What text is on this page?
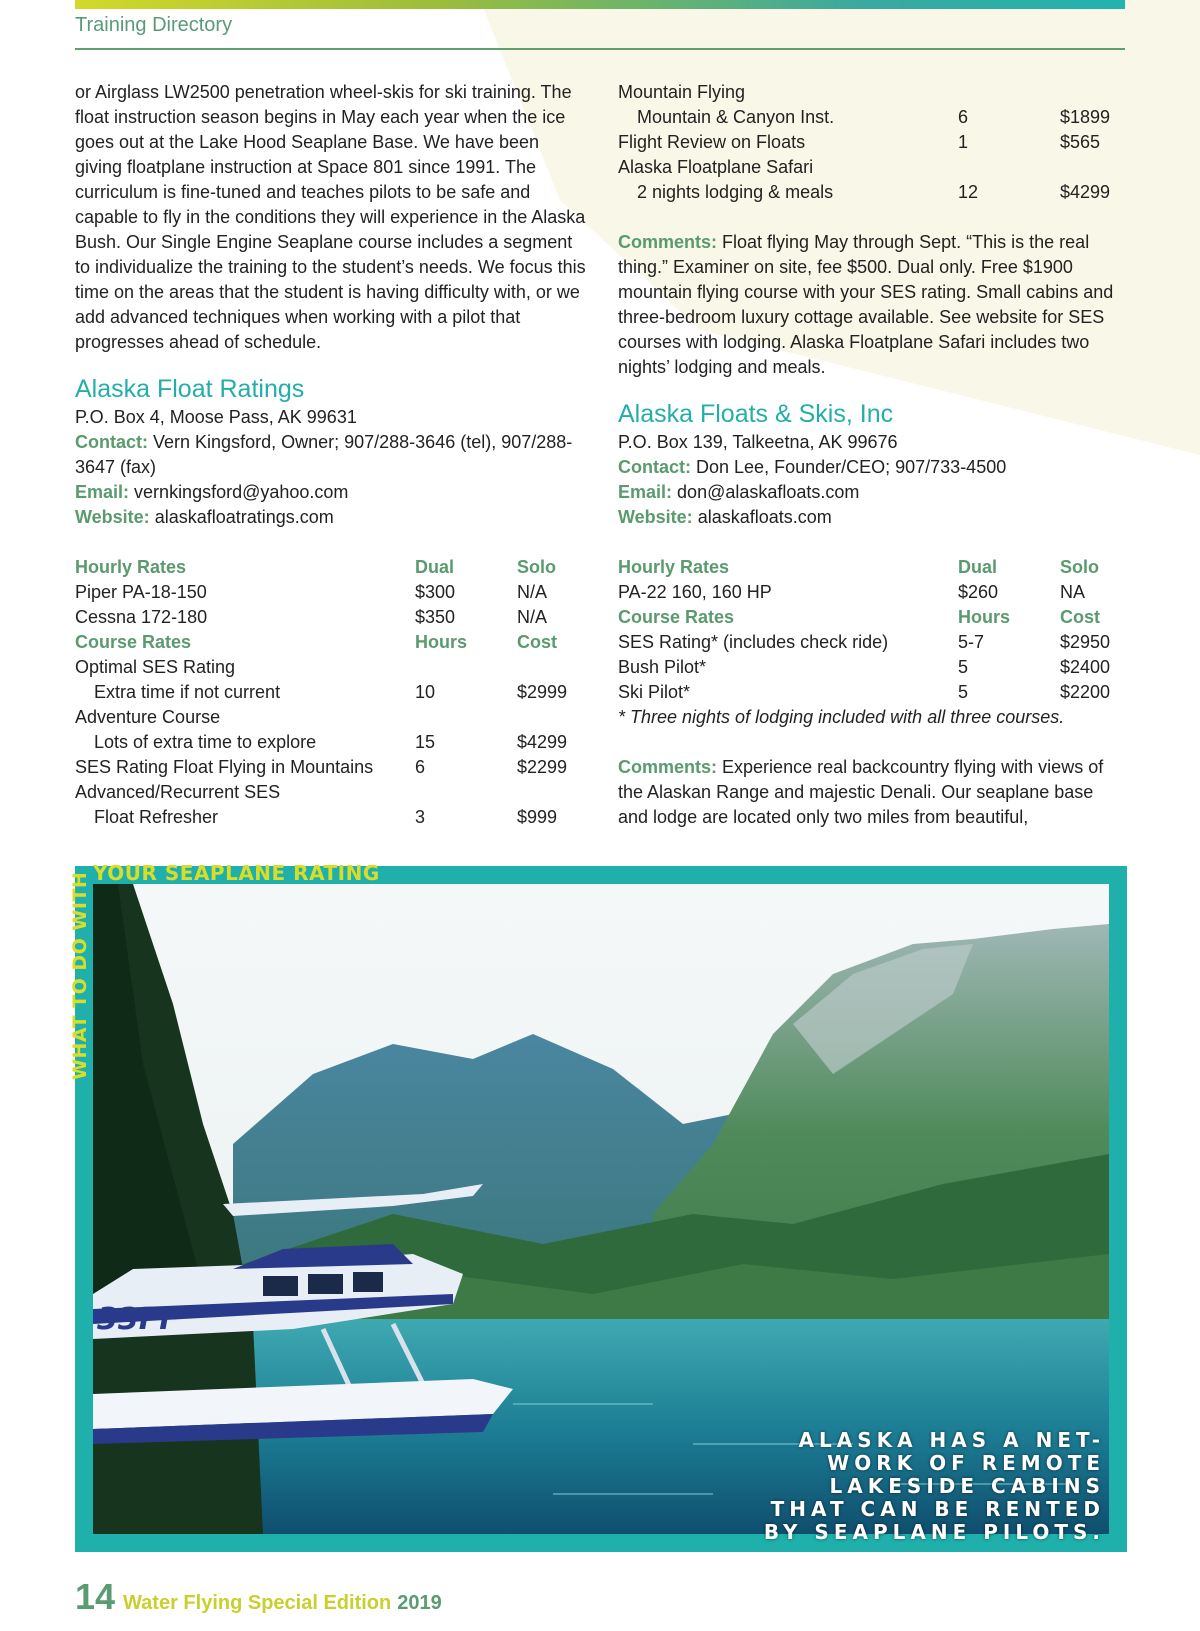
Training Directory

or Airglass LW2500 penetration wheel-skis for ski training. The float instruction season begins in May each year when the ice goes out at the Lake Hood Seaplane Base. We have been giving floatplane instruction at Space 801 since 1991. The curriculum is fine-tuned and teaches pilots to be safe and capable to fly in the conditions they will experience in the Alaska Bush. Our Single Engine Seaplane course includes a segment to individualize the training to the student’s needs. We focus this time on the areas that the student is having difficulty with, or we add advanced techniques when working with a pilot that progresses ahead of schedule.

Alaska Float Ratings
P.O. Box 4, Moose Pass, AK 99631
Contact: Vern Kingsford, Owner; 907/288-3646 (tel), 907/288-3647 (fax)
Email: vernkingsford@yahoo.com
Website: alaskafloatratings.com
Hourly Rates	Dual	Solo
Piper PA-18-150	$300	N/A
Cessna 172-180	$350	N/A
Course Rates	Hours	Cost
Optimal SES Rating
Extra time if not current	10	$2999
Adventure Course
Lots of extra time to explore	15	$4299
SES Rating Float Flying in Mountains	6	$2299
Advanced/Recurrent SES
Float Refresher	3	$999
Mountain Flying
Mountain & Canyon Inst.	6	$1899
Flight Review on Floats	1	$565
Alaska Floatplane Safari
2 nights lodging & meals	12	$4299

Comments: Float flying May through Sept. “This is the real thing.” Examiner on site, fee $500. Dual only. Free $1900 mountain flying course with your SES rating. Small cabins and three-bedroom luxury cottage available. See website for SES courses with lodging. Alaska Floatplane Safari includes two nights’ lodging and meals.

Alaska Floats & Skis, Inc
P.O. Box 139, Talkeetna, AK 99676
Contact: Don Lee, Founder/CEO; 907/733-4500
Email: don@alaskafloats.com
Website: alaskafloats.com
Hourly Rates	Dual	Solo
PA-22 160, 160 HP	$260	NA
Course Rates	Hours	Cost
SES Rating* (includes check ride)	5-7	$2950
Bush Pilot*	5	$2400
Ski Pilot*	5	$2200
* Three nights of lodging included with all three courses.

Comments: Experience real backcountry flying with views of the Alaskan Range and majestic Denali. Our seaplane base and lodge are located only two miles from beautiful,

33FF
YOUR SEAPLANE RATING
WHAT TO DO WITH
ALASKA HAS A NET-WORK OF REMOTE LAKESIDE CABINS THAT CAN BE RENTED BY SEAPLANE PILOTS.
14 Water Flying Special Edition 2019
